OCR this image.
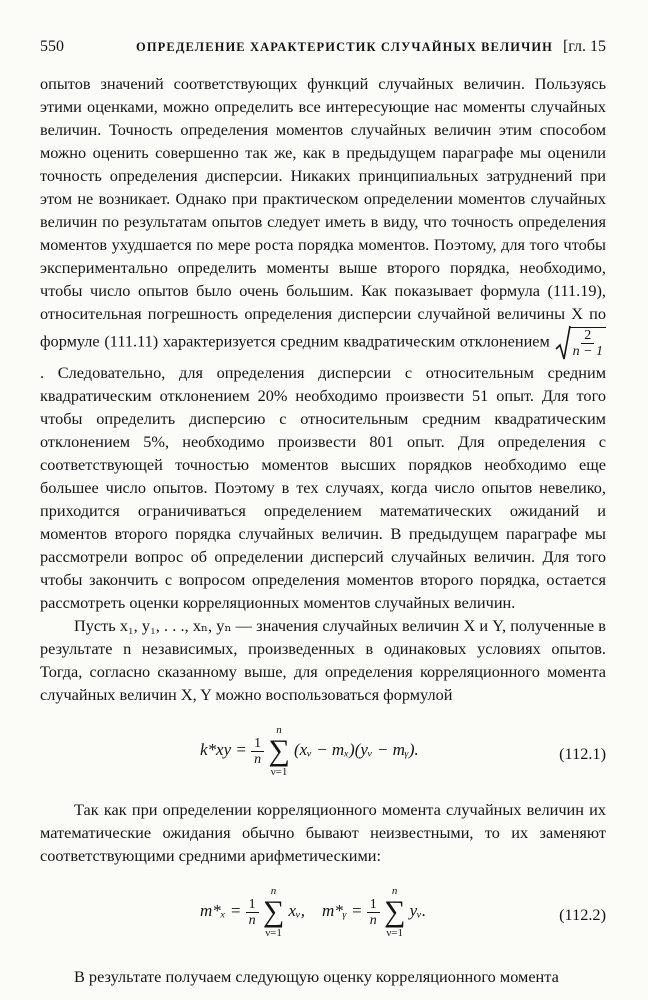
550	ОПРЕДЕЛЕНИЕ ХАРАКТЕРИСТИК СЛУЧАЙНЫХ ВЕЛИЧИН [гл. 15

опытов значений соответствующих функций случайных величин. Пользуясь этими оценками, можно определить все интересующие нас моменты случайных величин. Точность определения моментов случайных величин этим способом можно оценить совершенно так же, как в предыдущем параграфе мы оценили точность определения дисперсии. Никаких принципиальных затруднений при этом не возникает. Однако при практическом определении моментов случайных величин по результатам опытов следует иметь в виду, что точность определения моментов ухудшается по мере роста порядка моментов. Поэтому, для того чтобы экспериментально определить моменты выше второго порядка, необходимо, чтобы число опытов было очень большим. Как показывает формула (111.19), относительная погрешность определения дисперсии случайной величины X по формуле (111.11) характеризуется средним квадратическим отклонением $\frac{2}{n - 1}$
. Следовательно, для определения дисперсии с относительным средним квадратическим отклонением 20% необходимо произвести 51 опыт. Для того чтобы определить дисперсию с относительным средним квадратическим отклонением 5%, необходимо произвести 801 опыт. Для определения с соответствующей точностью моментов высших порядков необходимо еще большее число опытов. Поэтому в тех случаях, когда число опытов невелико, приходится ограничиваться определением математических ожиданий и моментов второго порядка случайных величин. В предыдущем параграфе мы рассмотрели вопрос об определении дисперсий случайных величин. Для того чтобы закончить с вопросом определения моментов второго порядка, остается рассмотреть оценки корреляционных моментов случайных величин.

Пусть x₁, y₁, . . ., xₙ, yₙ — значения случайных величин X и Y, полученные в результате n независимых, произведенных в одинаковых условиях опытов. Тогда, согласно сказанному выше, для определения корреляционного момента случайных величин X, Y можно воспользоваться формулой

$k*xy = \frac{1}{n}$

n
∑
ν=1
(xᵥ − mₓ)(yᵥ − mᵧ).	(112.1)

Так как при определении корреляционного момента случайных величин их математические ожидания обычно бывают неизвестными, то их заменяют соответствующими средними арифметическими:

$m*_x = \frac{1}{n}$

n
∑
ν=1
xᵥ, m*ᵧ = $\frac{1}{n}$

n
∑
ν=1
yᵥ.	(112.2)

В результате получаем следующую оценку корреляционного момента
